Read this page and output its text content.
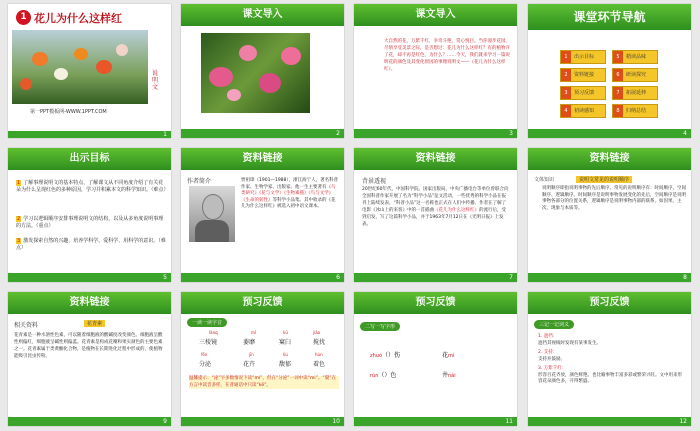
1 花儿为什么这样红
说明文
第一PPT模板网-WWW.1PPT.COM
1
课文导入
2
课文导入
大自然的花，万紫千红，争奇斗艳，赏心悦目。当你漫步花园，尽情享受美景之际，是否想过：花儿为什么这样红？有的植物开了花，却不再是红色，为什么？……今天，我们就来学习一篇说明花的颜色及其变化原因的事理说明文——《花儿为什么这样红》。
3
课堂环节导航
1 出示目标	5 精读品味
2 资料链接	6 研读探究
3 预习反馈	7 拓展延伸
4 初读感知	8 归纳总结
4
出示目标
1 了解事理说明文的基本特点，了解课文从不同角度介绍了有关花朵为什么呈现红色的多种原因，学习并积累本文的科学知识。（难点）
2 学习以逻辑顺序安排事理说明文的结构，以及从多角度说明事理的方法。（重点）
3 激发探索自然的兴趣，培养学科学、爱科学、用科学的意识。（难点）
5
资料链接
作者简介	贾祖璋（1901—1988），浙江海宁人，著名科普作家、生物学家、出版家。他一生主要著有《鸟类研究》《花与文学》《生物素描》《鸟与文学》《生命的韧性》等科学小品集。其中收录的《花儿为什么这样红》被选入初中语文课本。
6
资料链接
背景透视
20世纪60年代，中国科学院、国家出版局、中央广播电台等单位曾联合向全国科普作家开展了名为“科学小品”征文活动，一些优秀的科学小品在报刊上陆续发表，“科普小品”这一名称也正式在人们中传播。作者在了解了电影《冰山上的来客》中的一首插曲《花儿为什么这样红》的流行后，受到启发，写了这篇科学小品，并于1963年7月12日在《光明日报》上发表。
7
资料链接
文体知识	说明文常见的说明顺序
说明顺序即指说明事物的先后顺序。常见的说明顺序有：时间顺序、空间顺序、逻辑顺序。时间顺序是说明事物发展变化的先后，空间顺序是说明事物各部分的位置关系，逻辑顺序是说明事物内部的联系，如因果、主次、现象与本质等。
8
资料链接
相关资料	花青素
花青素是一种水溶性色素，可以随着细胞液的酸碱度改变颜色。细胞液呈酸性则偏红，细胞液呈碱性则偏蓝。花青素是构成花瓣和果实颜色的主要色素之一。花青素属于类黄酮化合物，是植物在长期进化过程中形成的，使植物能吸引昆虫传粉。
9
预习反馈
一读一读字音
lǎnq
三棱镜
mǐ
萎靡
kū
窠臼
jiǎo
搅扰
fēn
分泌
jīn
花卉
liú
馥郁
hùn
着色
温馨提示：“泌”字多数情况下读“mì”，但在“分泌”一词中读“mì”。“窠”在方言中读音多样，在普通话中只读“kē”。
10
预习反馈
二写一写字形
zhuó（）伤	花mì
rùn（）色	井nài
11
预习反馈
三记一记词义
1. 遮挡：
遮挡其视线时发现有某事发生。
2. 支持：
支持并鼓励。
3. 万紫千红：
形容百花齐放，颜色鲜艳。也比喻事物丰富多彩或繁荣兴旺。文中用来形容花朵颜色多，开得繁盛。
12
